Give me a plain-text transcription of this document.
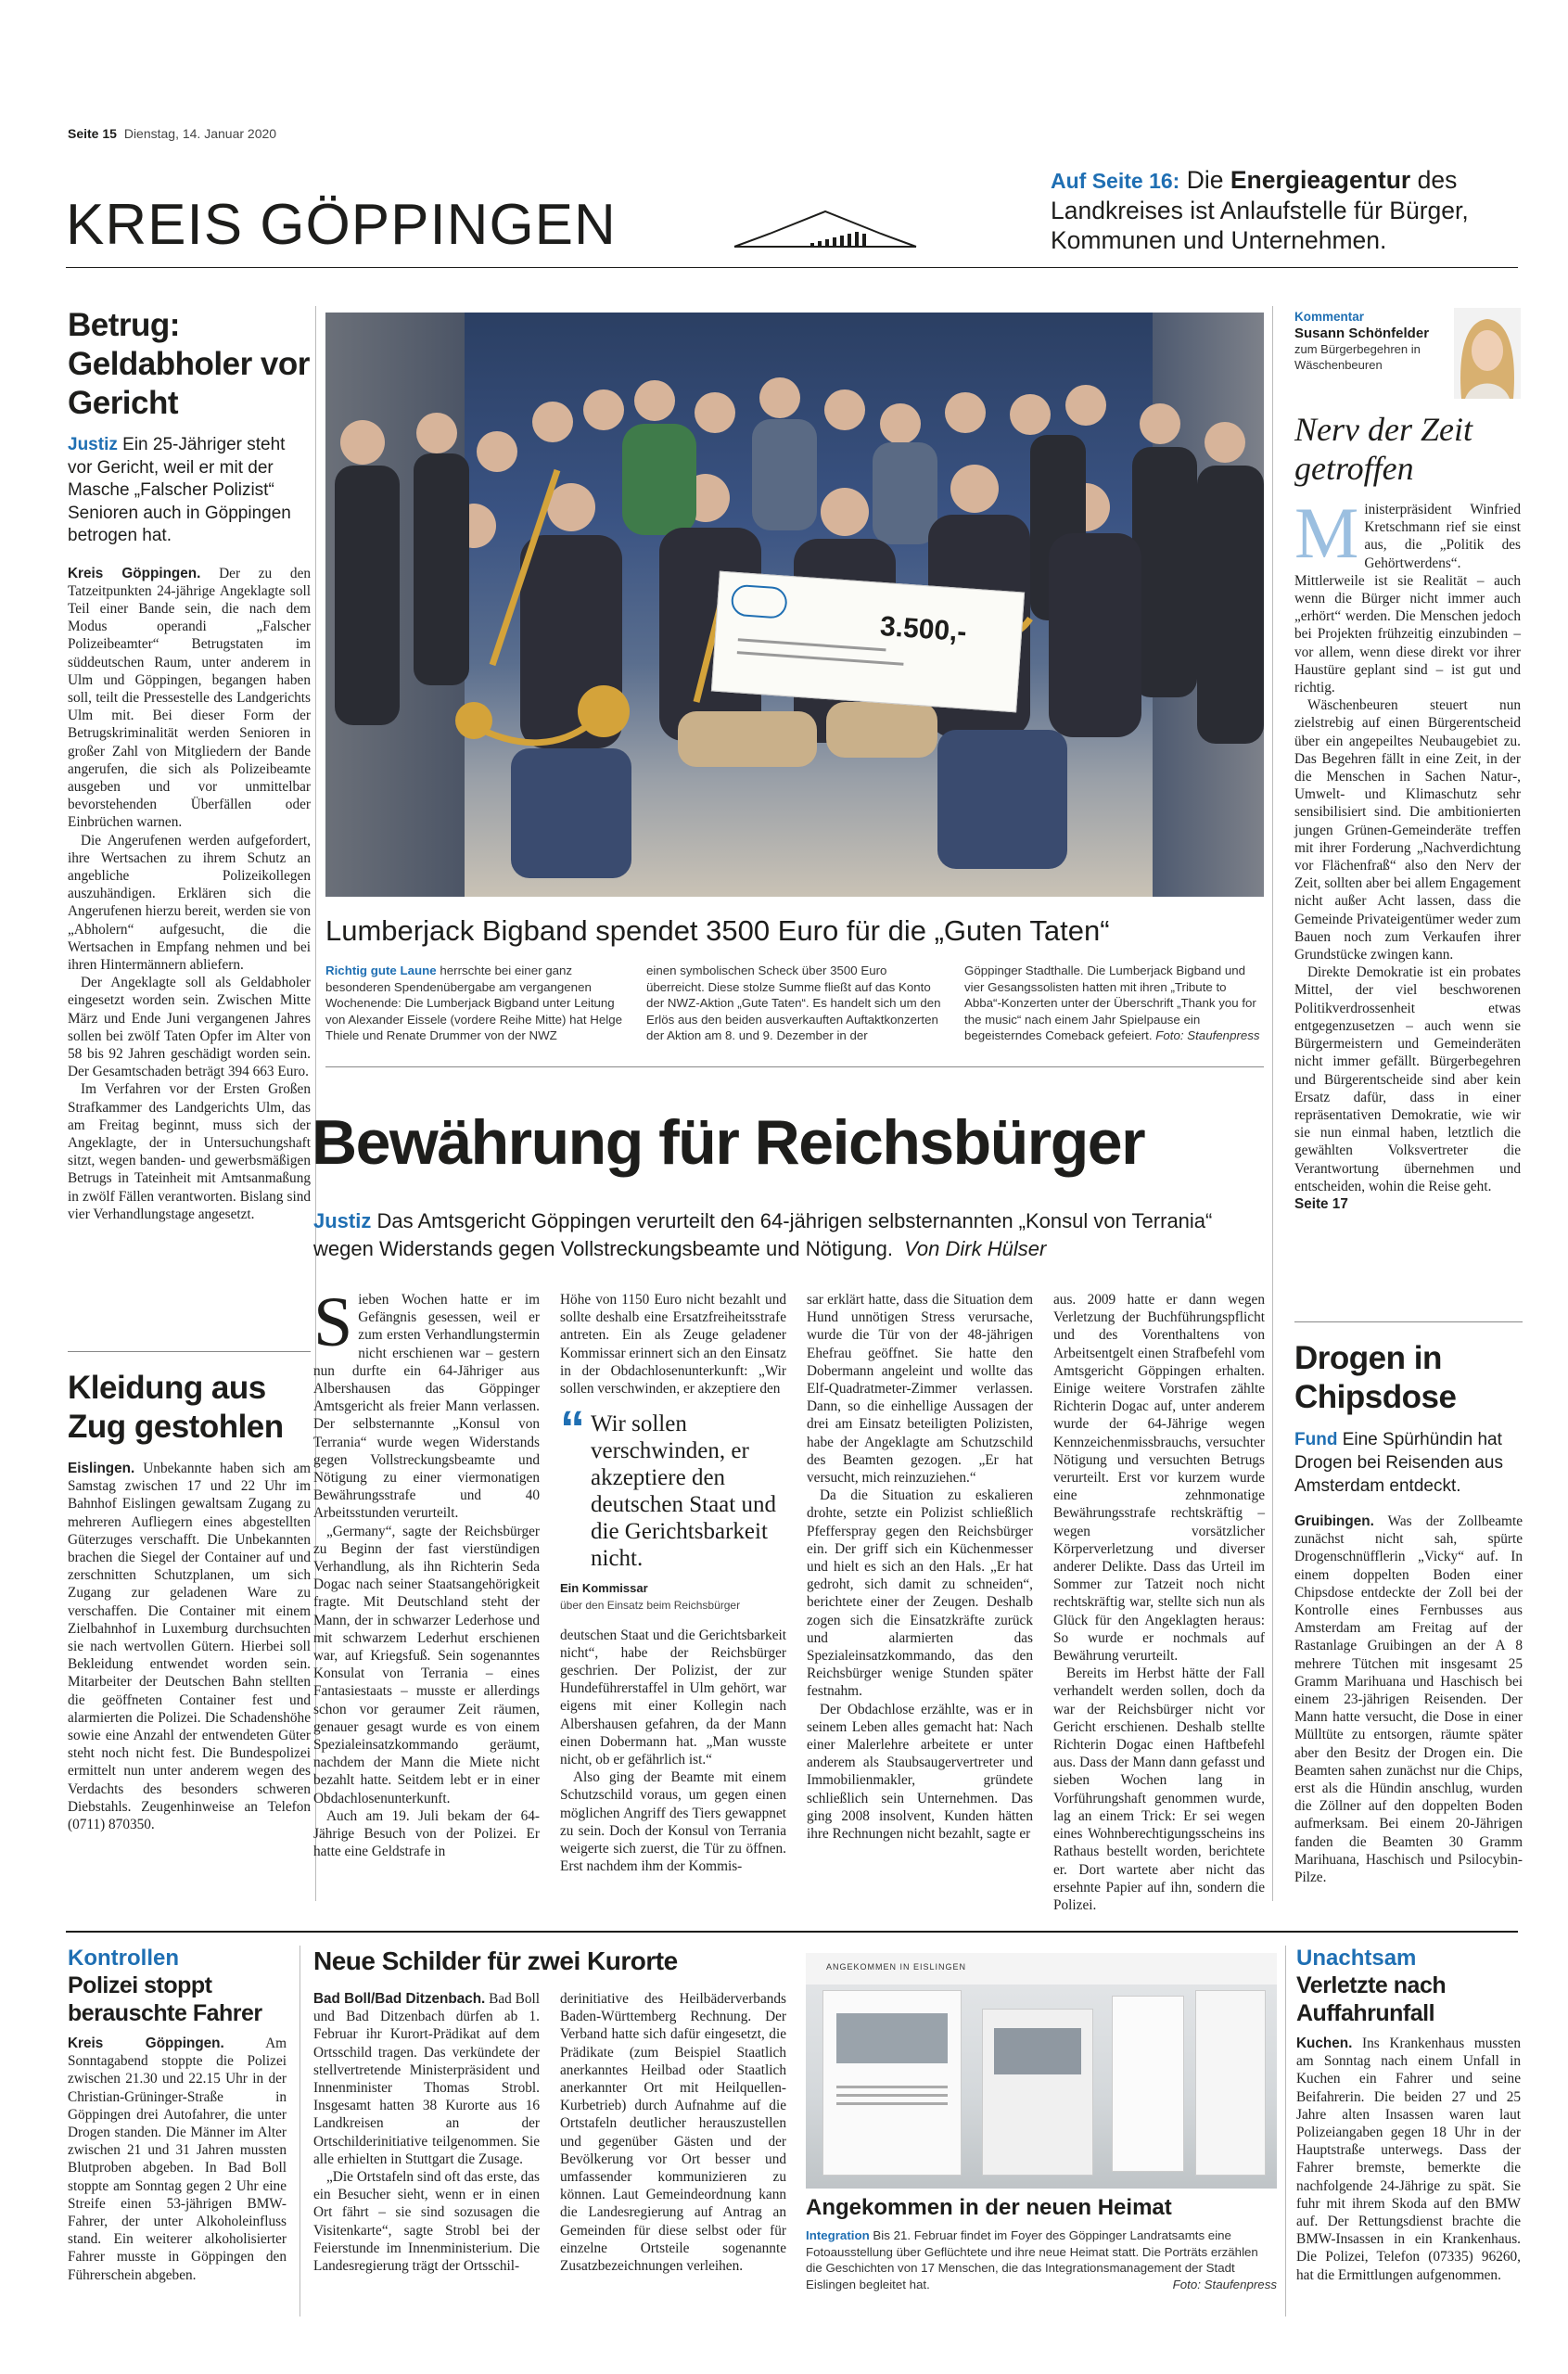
Seite 15 Dienstag, 14. Januar 2020
KREIS GÖPPINGEN
Auf Seite 16: Die Energieagentur des Landkreises ist Anlaufstelle für Bürger, Kommunen und Unternehmen.
Betrug: Geldabholer vor Gericht
Justiz Ein 25-Jähriger steht vor Gericht, weil er mit der Masche „Falscher Polizist“ Senioren auch in Göppingen betrogen hat.

Kreis Göppingen. Der zu den Tatzeitpunkten 24-jährige Angeklagte soll Teil einer Bande sein, die nach dem Modus operandi „Falscher Polizeibeamter“ Betrugstaten im süddeutschen Raum, unter anderem in Ulm und Göppingen, begangen haben soll, teilt die Pressestelle des Landgerichts Ulm mit. Bei dieser Form der Betrugskriminalität werden Senioren in großer Zahl von Mitgliedern der Bande angerufen, die sich als Polizeibeamte ausgeben und vor unmittelbar bevorstehenden Überfällen oder Einbrüchen warnen.

Die Angerufenen werden aufgefordert, ihre Wertsachen zu ihrem Schutz an angebliche Polizeikollegen auszuhändigen. Erklären sich die Angerufenen hierzu bereit, werden sie von „Abholern“ aufgesucht, die die Wertsachen in Empfang nehmen und bei ihren Hintermännern abliefern.

Der Angeklagte soll als Geldabholer eingesetzt worden sein. Zwischen Mitte März und Ende Juni vergangenen Jahres sollen bei zwölf Taten Opfer im Alter von 58 bis 92 Jahren geschädigt worden sein. Der Gesamtschaden beträgt 394 663 Euro.

Im Verfahren vor der Ersten Großen Strafkammer des Landgerichts Ulm, das am Freitag beginnt, muss sich der Angeklagte, der in Untersuchungshaft sitzt, wegen banden- und gewerbsmäßigen Betrugs in Tateinheit mit Amtsanmaßung in zwölf Fällen verantworten. Bislang sind vier Verhandlungstage angesetzt.

Kleidung aus Zug gestohlen

Eislingen. Unbekannte haben sich am Samstag zwischen 17 und 22 Uhr im Bahnhof Eislingen gewaltsam Zugang zu mehreren Aufliegern eines abgestellten Güterzuges verschafft. Die Unbekannten brachen die Siegel der Container auf und zerschnitten Schutzplanen, um sich Zugang zur geladenen Ware zu verschaffen. Die Container mit einem Zielbahnhof in Luxemburg durchsuchten sie nach wertvollen Gütern. Hierbei soll Bekleidung entwendet worden sein. Mitarbeiter der Deutschen Bahn stellten die geöffneten Container fest und alarmierten die Polizei. Die Schadenshöhe sowie eine Anzahl der entwendeten Güter steht noch nicht fest. Die Bundespolizei ermittelt nun unter anderem wegen des Verdachts des besonders schweren Diebstahls. Zeugenhinweise an Telefon (0711) 870350.

3.500,-
Lumberjack Bigband spendet 3500 Euro für die „Guten Taten“
Richtig gute Laune herrschte bei einer ganz besonderen Spendenübergabe am vergangenen Wochenende: Die Lumberjack Bigband unter Leitung von Alexander Eissele (vordere Reihe Mitte) hat Helge Thiele und Renate Drummer von der NWZ
einen symbolischen Scheck über 3500 Euro überreicht. Diese stolze Summe fließt auf das Konto der NWZ-Aktion „Gute Taten“. Es handelt sich um den Erlös aus den beiden ausverkauften Auftaktkonzerten der Aktion am 8. und 9. Dezember in der
Göppinger Stadthalle. Die Lumberjack Bigband und vier Gesangssolisten hatten mit ihren „Tribute to Abba“-Konzerten unter der Überschrift „Thank you for the music“ nach einem Jahr Spielpause ein begeisterndes Comeback gefeiert. Foto: Staufenpress
Bewährung für Reichsbürger
Justiz Das Amtsgericht Göppingen verurteilt den 64-jährigen selbsternannten „Konsul von Terrania“ wegen Widerstands gegen Vollstreckungsbeamte und Nötigung. Von Dirk Hülser

Sieben Wochen hatte er im Gefängnis gesessen, weil er zum ersten Verhandlungstermin nicht erschienen war – gestern nun durfte ein 64-Jähriger aus Albershausen das Göppinger Amtsgericht als freier Mann verlassen. Der selbsternannte „Konsul von Terrania“ wurde wegen Widerstands gegen Vollstreckungsbeamte und Nötigung zu einer viermonatigen Bewährungsstrafe und 40 Arbeitsstunden verurteilt.

„Germany“, sagte der Reichsbürger zu Beginn der fast vierstündigen Verhandlung, als ihn Richterin Seda Dogac nach seiner Staatsangehörigkeit fragte. Mit Deutschland steht der Mann, der in schwarzer Lederhose und mit schwarzem Lederhut erschienen war, auf Kriegsfuß. Sein sogenanntes Konsulat von Terrania – eines Fantasiestaats – musste er allerdings schon vor geraumer Zeit räumen, genauer gesagt wurde es von einem Spezialeinsatzkommando geräumt, nachdem der Mann die Miete nicht bezahlt hatte. Seitdem lebt er in einer Obdachlosenunterkunft.

Auch am 19. Juli bekam der 64-Jährige Besuch von der Polizei. Er hatte eine Geldstrafe in

Höhe von 1150 Euro nicht bezahlt und sollte deshalb eine Ersatzfreiheitsstrafe antreten. Ein als Zeuge geladener Kommissar erinnert sich an den Einsatz in der Obdachlosenunterkunft: „Wir sollen verschwinden, er akzeptiere den

“ Wir sollen verschwinden, er akzeptiere den deutschen Staat und die Gerichtsbarkeit nicht.
Ein Kommissar
über den Einsatz beim Reichsbürger

deutschen Staat und die Gerichtsbarkeit nicht“, habe der Reichsbürger geschrien. Der Polizist, der zur Hundeführerstaffel in Ulm gehört, war eigens mit einer Kollegin nach Albershausen gefahren, da der Mann einen Dobermann hat. „Man wusste nicht, ob er gefährlich ist.“

Also ging der Beamte mit einem Schutzschild voraus, um gegen einen möglichen Angriff des Tiers gewappnet zu sein. Doch der Konsul von Terrania weigerte sich zuerst, die Tür zu öffnen. Erst nachdem ihm der Kommis-

sar erklärt hatte, dass die Situation dem Hund unnötigen Stress verursache, wurde die Tür von der 48-jährigen Ehefrau geöffnet. Sie hatte den Dobermann angeleint und wollte das Elf-Quadratmeter-Zimmer verlassen. Dann, so die einhellige Aussagen der drei am Einsatz beteiligten Polizisten, habe der Angeklagte am Schutzschild des Beamten gezogen. „Er hat versucht, mich reinzuziehen.“

Da die Situation zu eskalieren drohte, setzte ein Polizist schließlich Pfefferspray gegen den Reichsbürger ein. Der griff sich ein Küchenmesser und hielt es sich an den Hals. „Er hat gedroht, sich damit zu schneiden“, berichtete einer der Zeugen. Deshalb zogen sich die Einsatzkräfte zurück und alarmierten das Spezialeinsatzkommando, das den Reichsbürger wenige Stunden später festnahm.

Der Obdachlose erzählte, was er in seinem Leben alles gemacht hat: Nach einer Malerlehre arbeitete er unter anderem als Staubsaugervertreter und Immobilienmakler, gründete schließlich sein Unternehmen. Das ging 2008 insolvent, Kunden hätten ihre Rechnungen nicht bezahlt, sagte er

aus. 2009 hatte er dann wegen Verletzung der Buchführungspflicht und des Vorenthaltens von Arbeitsentgelt einen Strafbefehl vom Amtsgericht Göppingen erhalten. Einige weitere Vorstrafen zählte Richterin Dogac auf, unter anderem wurde der 64-Jährige wegen Kennzeichenmissbrauchs, versuchter Nötigung und versuchten Betrugs verurteilt. Erst vor kurzem wurde eine zehnmonatige Bewährungsstrafe rechtskräftig – wegen vorsätzlicher Körperverletzung und diverser anderer Delikte. Dass das Urteil im Sommer zur Tatzeit noch nicht rechtskräftig war, stellte sich nun als Glück für den Angeklagten heraus: So wurde er nochmals auf Bewährung verurteilt.

Bereits im Herbst hätte der Fall verhandelt werden sollen, doch da war der Reichsbürger nicht vor Gericht erschienen. Deshalb stellte Richterin Dogac einen Haftbefehl aus. Dass der Mann dann gefasst und sieben Wochen lang in Vorführungshaft genommen wurde, lag an einem Trick: Er sei wegen eines Wohnberechtigungsscheins ins Rathaus bestellt worden, berichtete er. Dort wartete aber nicht das ersehnte Papier auf ihn, sondern die Polizei.

Kommentar
Susann Schönfelder
zum Bürgerbegehren in Wäschenbeuren
Nerv der Zeit getroffen

Ministerpräsident Winfried Kretschmann rief sie einst aus, die „Politik des Gehörtwerdens“. Mittlerweile ist sie Realität – auch wenn die Bürger nicht immer auch „erhört“ werden. Die Menschen jedoch bei Projekten frühzeitig einzubinden – vor allem, wenn diese direkt vor ihrer Haustüre geplant sind – ist gut und richtig.

Wäschenbeuren steuert nun zielstrebig auf einen Bürgerentscheid über ein angepeiltes Neubaugebiet zu. Das Begehren fällt in eine Zeit, in der die Menschen in Sachen Natur-, Umwelt- und Klimaschutz sehr sensibilisiert sind. Die ambitionierten jungen Grünen-Gemeinderäte treffen mit ihrer Forderung „Nachverdichtung vor Flächenfraß“ also den Nerv der Zeit, sollten aber bei allem Engagement nicht außer Acht lassen, dass die Gemeinde Privateigentümer weder zum Bauen noch zum Verkaufen ihrer Grundstücke zwingen kann.

Direkte Demokratie ist ein probates Mittel, der viel beschworenen Politikverdrossenheit etwas entgegenzusetzen – auch wenn sie Bürgermeistern und Gemeinderäten nicht immer gefällt. Bürgerbegehren und Bürgerentscheide sind aber kein Ersatz dafür, dass in einer repräsentativen Demokratie, wie wir sie nun einmal haben, letztlich die gewählten Volksvertreter die Verantwortung übernehmen und entscheiden, wohin die Reise geht.

Seite 17

Drogen in Chipsdose
Fund Eine Spürhündin hat Drogen bei Reisenden aus Amsterdam entdeckt.

Gruibingen. Was der Zollbeamte zunächst nicht sah, spürte Drogenschnüfflerin „Vicky“ auf. In einem doppelten Boden einer Chipsdose entdeckte der Zoll bei der Kontrolle eines Fernbusses aus Amsterdam am Freitag auf der Rastanlage Gruibingen an der A 8 mehrere Tütchen mit insgesamt 25 Gramm Marihuana und Haschisch bei einem 23-jährigen Reisenden. Der Mann hatte versucht, die Dose in einer Mülltüte zu entsorgen, räumte später aber den Besitz der Drogen ein. Die Beamten sahen zunächst nur die Chips, erst als die Hündin anschlug, wurden die Zöllner auf den doppelten Boden aufmerksam. Bei einem 20-Jährigen fanden die Beamten 30 Gramm Marihuana, Haschisch und Psilocybin-Pilze.

Kontrollen
Polizei stoppt berauschte Fahrer

Kreis Göppingen.	Am Sonntagabend stoppte die Polizei zwischen 21.30 und 22.15 Uhr in der Christian-Grüninger-Straße in Göppingen drei Autofahrer, die unter Drogen standen. Die Männer im Alter zwischen 21 und 31 Jahren mussten Blutproben abgeben. In Bad Boll stoppte am Sonntag gegen 2 Uhr eine Streife einen 53-jährigen BMW-Fahrer, der unter Alkoholeinfluss stand. Ein weiterer alkoholisierter Fahrer musste in Göppingen den Führerschein abgeben.

Neue Schilder für zwei Kurorte

Bad Boll/Bad Ditzenbach. Bad Boll und Bad Ditzenbach dürfen ab 1. Februar ihr Kurort-Prädikat auf dem Ortsschild tragen. Das verkündete der stellvertretende Ministerpräsident und Innenminister Thomas Strobl. Insgesamt hatten 38 Kurorte aus 16 Landkreisen an der Ortschilderinitiative teilgenommen. Sie alle erhielten in Stuttgart die Zusage.

„Die Ortstafeln sind oft das erste, das ein Besucher sieht, wenn er in einen Ort fährt – sie sind sozusagen die Visitenkarte“, sagte Strobl bei der Feierstunde im Innenministerium. Die Landesregierung trägt der Ortsschil-

derinitiative des Heilbäderverbands Baden-Württemberg Rechnung. Der Verband hatte sich dafür eingesetzt, die Prädikate (zum Beispiel Staatlich anerkanntes Heilbad oder Staatlich anerkannter Ort mit Heilquellen-Kurbetrieb) durch Aufnahme auf die Ortstafeln deutlicher herauszustellen und gegenüber Gästen und der Bevölkerung vor Ort besser und umfassender kommunizieren zu können. Laut Gemeindeordnung kann die Landesregierung auf Antrag an Gemeinden für diese selbst oder für einzelne Ortsteile sogenannte Zusatzbezeichnungen verleihen.

ANGEKOMMEN IN EISLINGEN
Angekommen in der neuen Heimat
Integration Bis 21. Februar findet im Foyer des Göppinger Landratsamts eine Fotoausstellung über Geflüchtete und ihre neue Heimat statt. Die Porträts erzählen die Geschichten von 17 Menschen, die das Integrationsmanagement der Stadt Eislingen begleitet hat.	Foto: Staufenpress
Unachtsam
Verletzte nach Auffahrunfall

Kuchen. Ins Krankenhaus mussten am Sonntag nach einem Unfall in Kuchen ein Fahrer und seine Beifahrerin. Die beiden 27 und 25 Jahre alten Insassen waren laut Polizeiangaben gegen 18 Uhr in der Hauptstraße unterwegs. Dass der Fahrer bremste, bemerkte die nachfolgende 24-Jährige zu spät. Sie fuhr mit ihrem Skoda auf den BMW auf. Der Rettungsdienst brachte die BMW-Insassen in ein Krankenhaus. Die Polizei, Telefon (07335) 96260, hat die Ermittlungen aufgenommen.
